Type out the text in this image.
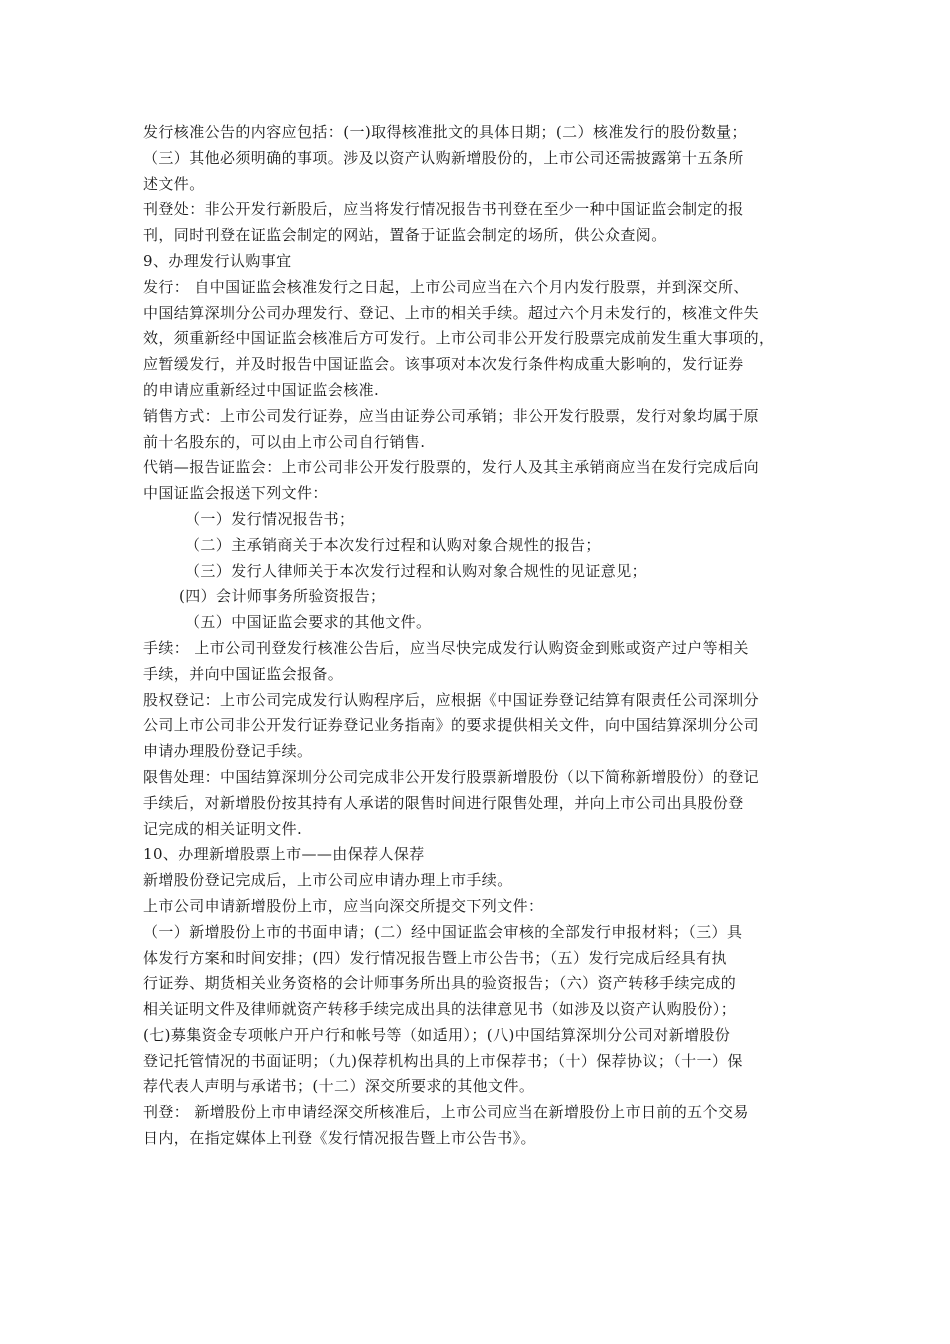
发行核准公告的内容应包括：(一)取得核准批文的具体日期；(二）核准发行的股份数量；
（三）其他必须明确的事项。涉及以资产认购新增股份的，上市公司还需披露第十五条所
述文件。
刊登处：非公开发行新股后，应当将发行情况报告书刊登在至少一种中国证监会制定的报
刊，同时刊登在证监会制定的网站，置备于证监会制定的场所，供公众查阅。
9、办理发行认购事宜
发行： 自中国证监会核准发行之日起，上市公司应当在六个月内发行股票，并到深交所、
中国结算深圳分公司办理发行、登记、上市的相关手续。超过六个月未发行的，核准文件失
效，须重新经中国证监会核准后方可发行。上市公司非公开发行股票完成前发生重大事项的，
应暂缓发行，并及时报告中国证监会。该事项对本次发行条件构成重大影响的，发行证券
的申请应重新经过中国证监会核准.
销售方式：上市公司发行证券，应当由证券公司承销；非公开发行股票，发行对象均属于原
前十名股东的，可以由上市公司自行销售.
代销—报告证监会：上市公司非公开发行股票的，发行人及其主承销商应当在发行完成后向
中国证监会报送下列文件：
（一）发行情况报告书；
（二）主承销商关于本次发行过程和认购对象合规性的报告；
（三）发行人律师关于本次发行过程和认购对象合规性的见证意见；
(四）会计师事务所验资报告；
（五）中国证监会要求的其他文件。
手续： 上市公司刊登发行核准公告后，应当尽快完成发行认购资金到账或资产过户等相关
手续，并向中国证监会报备。
股权登记：上市公司完成发行认购程序后，应根据《中国证券登记结算有限责任公司深圳分
公司上市公司非公开发行证券登记业务指南》的要求提供相关文件，向中国结算深圳分公司
申请办理股份登记手续。
限售处理：中国结算深圳分公司完成非公开发行股票新增股份（以下简称新增股份）的登记
手续后，对新增股份按其持有人承诺的限售时间进行限售处理，并向上市公司出具股份登
记完成的相关证明文件.
10、办理新增股票上市——由保荐人保荐
新增股份登记完成后，上市公司应申请办理上市手续。
上市公司申请新增股份上市，应当向深交所提交下列文件：
（一）新增股份上市的书面申请；(二）经中国证监会审核的全部发行申报材料；（三）具
体发行方案和时间安排；(四）发行情况报告暨上市公告书；（五）发行完成后经具有执
行证券、期货相关业务资格的会计师事务所出具的验资报告；（六）资产转移手续完成的
相关证明文件及律师就资产转移手续完成出具的法律意见书（如涉及以资产认购股份）；
(七)募集资金专项帐户开户行和帐号等（如适用）；(八)中国结算深圳分公司对新增股份
登记托管情况的书面证明；（九)保荐机构出具的上市保荐书；（十）保荐协议；（十一）保
荐代表人声明与承诺书；(十二）深交所要求的其他文件。
刊登： 新增股份上市申请经深交所核准后，上市公司应当在新增股份上市日前的五个交易
日内，在指定媒体上刊登《发行情况报告暨上市公告书》。
